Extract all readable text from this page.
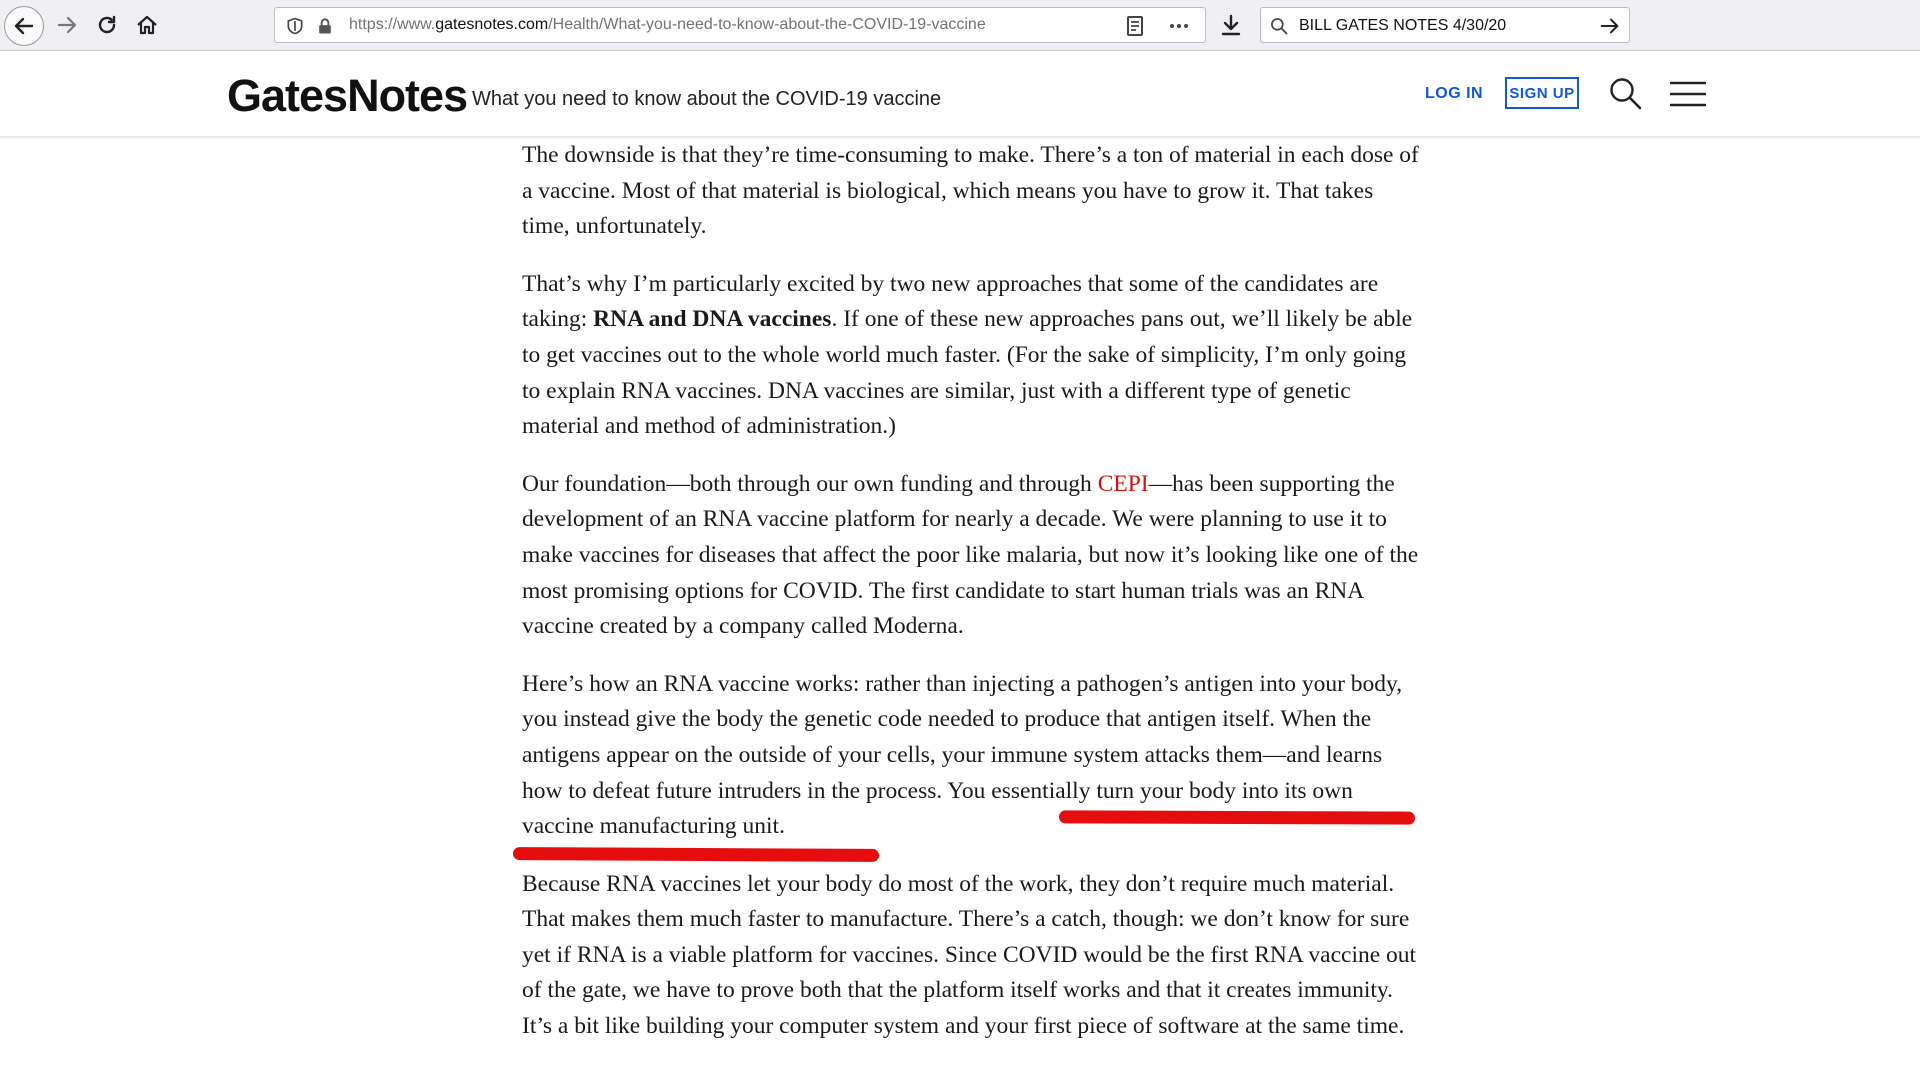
https://www.gatesnotes.com/Health/What-you-need-to-know-about-the-COVID-19-vaccine	BILL GATES NOTES 4/30/20
GatesNotes What you need to know about the COVID-19 vaccine	LOG IN SIGN UP

The downside is that they’re time-consuming to make. There’s a ton of material in each dose of a vaccine. Most of that material is biological, which means you have to grow it. That takes time, unfortunately.

That’s why I’m particularly excited by two new approaches that some of the candidates are taking: RNA and DNA vaccines. If one of these new approaches pans out, we’ll likely be able to get vaccines out to the whole world much faster. (For the sake of simplicity, I’m only going to explain RNA vaccines. DNA vaccines are similar, just with a different type of genetic material and method of administration.)

Our foundation—both through our own funding and through CEPI—has been supporting the development of an RNA vaccine platform for nearly a decade. We were planning to use it to make vaccines for diseases that affect the poor like malaria, but now it’s looking like one of the most promising options for COVID. The first candidate to start human trials was an RNA vaccine created by a company called Moderna.

Here’s how an RNA vaccine works: rather than injecting a pathogen’s antigen into your body, you instead give the body the genetic code needed to produce that antigen itself. When the antigens appear on the outside of your cells, your immune system attacks them—and learns how to defeat future intruders in the process. You essentially turn your body into its own vaccine manufacturing unit.

Because RNA vaccines let your body do most of the work, they don’t require much material. That makes them much faster to manufacture. There’s a catch, though: we don’t know for sure yet if RNA is a viable platform for vaccines. Since COVID would be the first RNA vaccine out of the gate, we have to prove both that the platform itself works and that it creates immunity. It’s a bit like building your computer system and your first piece of software at the same time.
